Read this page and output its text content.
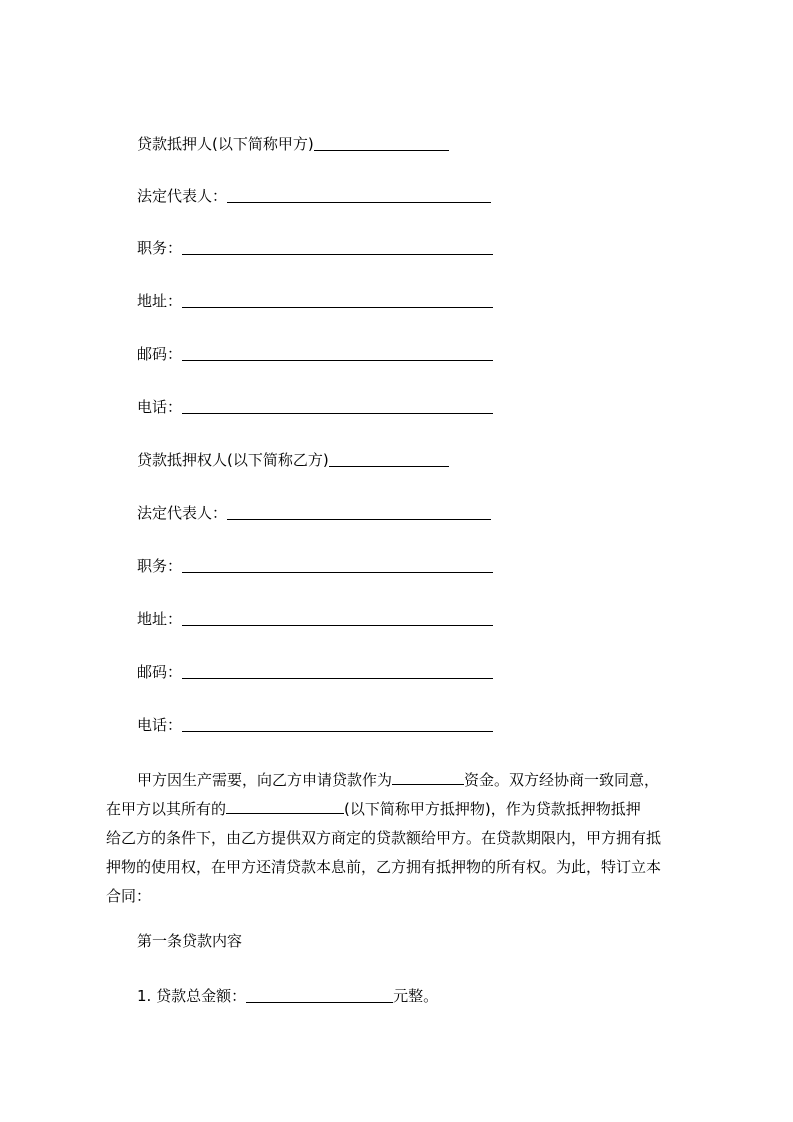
贷款抵押人(以下简称甲方)
法定代表人：
职务：
地址：
邮码：
电话：
贷款抵押权人(以下简称乙方)
法定代表人：
职务：
地址：
邮码：
电话：
甲方因生产需要，向乙方申请贷款作为	资金。双方经协商一致同意，
在甲方以其所有的	(以下简称甲方抵押物)，作为贷款抵押物抵押
给乙方的条件下，由乙方提供双方商定的贷款额给甲方。在贷款期限内，甲方拥有抵
押物的使用权，在甲方还清贷款本息前，乙方拥有抵押物的所有权。为此，特订立本
合同：
第一条贷款内容
1. 贷款总金额：	元整。
